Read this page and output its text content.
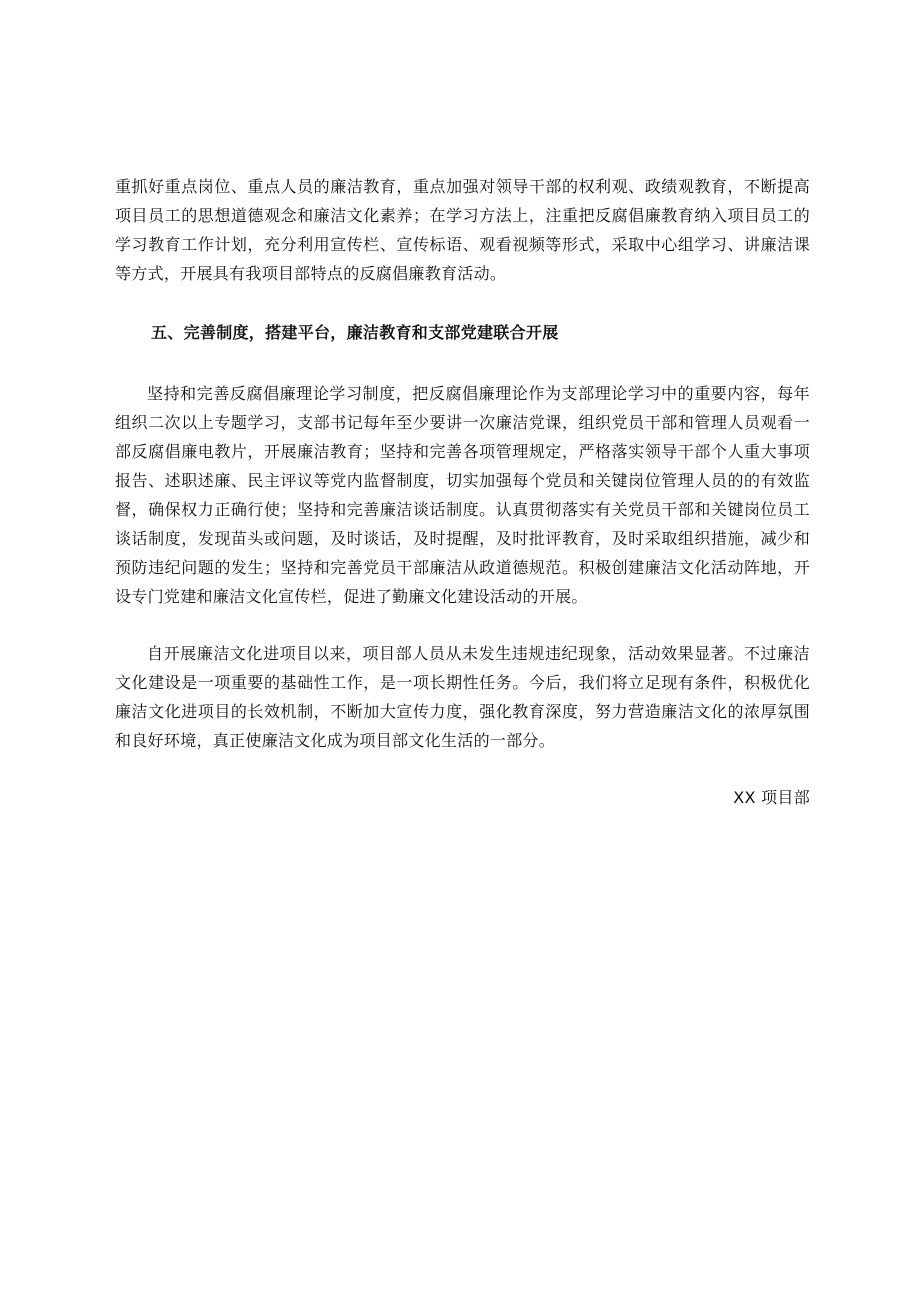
重抓好重点岗位、重点人员的廉洁教育，重点加强对领导干部的权利观、政绩观教育，不断提高项目员工的思想道德观念和廉洁文化素养；在学习方法上，注重把反腐倡廉教育纳入项目员工的学习教育工作计划，充分利用宣传栏、宣传标语、观看视频等形式，采取中心组学习、讲廉洁课等方式，开展具有我项目部特点的反腐倡廉教育活动。

五、完善制度，搭建平台，廉洁教育和支部党建联合开展

坚持和完善反腐倡廉理论学习制度，把反腐倡廉理论作为支部理论学习中的重要内容，每年组织二次以上专题学习，支部书记每年至少要讲一次廉洁党课，组织党员干部和管理人员观看一部反腐倡廉电教片，开展廉洁教育；坚持和完善各项管理规定，严格落实领导干部个人重大事项报告、述职述廉、民主评议等党内监督制度，切实加强每个党员和关键岗位管理人员的的有效监督，确保权力正确行使；坚持和完善廉洁谈话制度。认真贯彻落实有关党员干部和关键岗位员工谈话制度，发现苗头或问题，及时谈话，及时提醒，及时批评教育，及时采取组织措施，减少和预防违纪问题的发生；坚持和完善党员干部廉洁从政道德规范。积极创建廉洁文化活动阵地，开设专门党建和廉洁文化宣传栏，促进了勤廉文化建设活动的开展。

自开展廉洁文化进项目以来，项目部人员从未发生违规违纪现象，活动效果显著。不过廉洁文化建设是一项重要的基础性工作，是一项长期性任务。今后，我们将立足现有条件，积极优化廉洁文化进项目的长效机制，不断加大宣传力度，强化教育深度，努力营造廉洁文化的浓厚氛围和良好环境，真正使廉洁文化成为项目部文化生活的一部分。

XX 项目部
